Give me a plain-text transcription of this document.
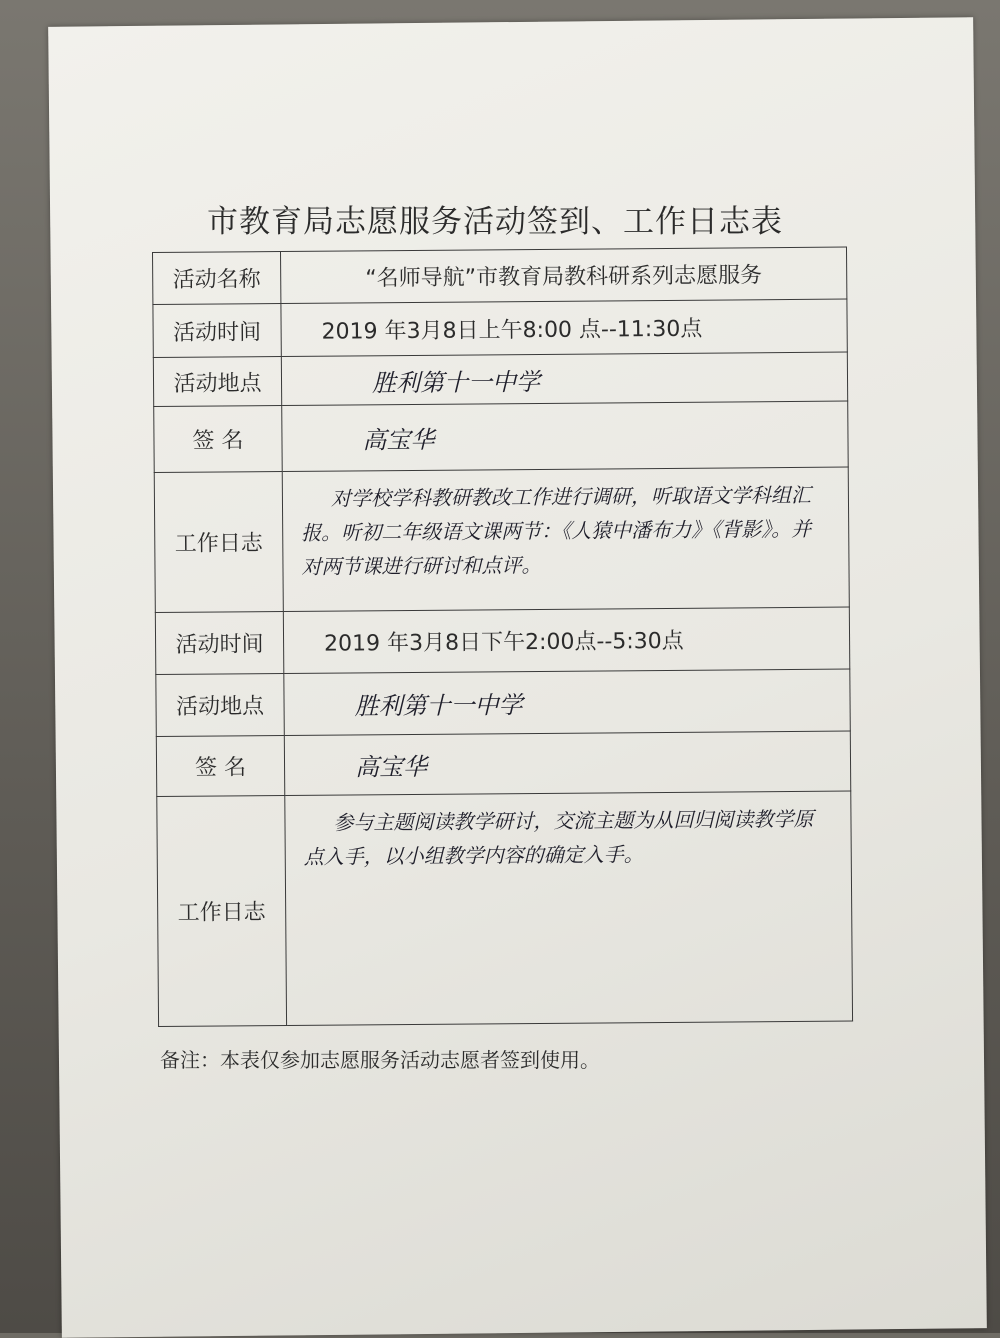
市教育局志愿服务活动签到、工作日志表
活动名称	“名师导航”市教育局教科研系列志愿服务
活动时间	2019 年3月8日上午8:00 点--11:30点
活动地点	胜利第十一中学
签 名	高宝华
工作日志	对学校学科教研教改工作进行调研，听取语文学科组汇报。听初二年级语文课两节：《人猿中潘布力》《背影》。并对两节课进行研讨和点评。
活动时间	2019 年3月8日下午2:00点--5:30点
活动地点	胜利第十一中学
签 名	高宝华
工作日志	参与主题阅读教学研讨，交流主题为从回归阅读教学原点入手，以小组教学内容的确定入手。
备注：本表仅参加志愿服务活动志愿者签到使用。
